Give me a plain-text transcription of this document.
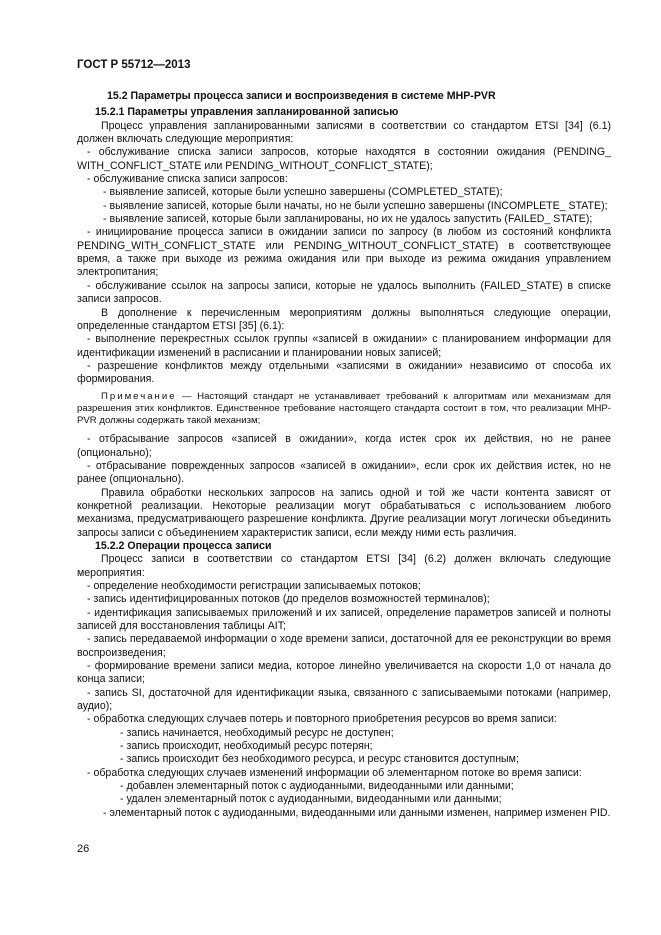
ГОСТ Р 55712—2013

15.2 Параметры процесса записи и воспроизведения в системе МНР-PVR

15.2.1 Параметры управления запланированной записью

Процесс управления запланированными записями в соответствии со стандартом ETSI [34] (6.1) должен включать следующие мероприятия:

- обслуживание списка записи запросов, которые находятся в состоянии ожидания (PENDING_ WITH_CONFLICT_STATE или PENDING_WITHOUT_CONFLICT_STATE);

- обслуживание списка записи запросов:

- выявление записей, которые были успешно завершены (COMPLETED_STATE);

- выявление записей, которые были начаты, но не были успешно завершены (INCOMPLETE_ STATE);

- выявление записей, которые были запланированы, но их не удалось запустить (FAILED_ STATE);

- инициирование процесса записи в ожидании записи по запросу (в любом из состояний конфликта PENDING_WITH_CONFLICT_STATE или PENDING_WITHOUT_CONFLICT_STATE) в соответствующее время, а также при выходе из режима ожидания или при выходе из режима ожидания управлением электропитания;

- обслуживание ссылок на запросы записи, которые не удалось выполнить (FAILED_STATE) в списке записи запросов.

В дополнение к перечисленным мероприятиям должны выполняться следующие операции, определенные стандартом ETSI [35] (6.1):

- выполнение перекрестных ссылок группы «записей в ожидании» с планированием информации для идентификации изменений в расписании и планировании новых записей;

- разрешение конфликтов между отдельными «записями в ожидании» независимо от способа их формирования.

Примечание — Настоящий стандарт не устанавливает требований к алгоритмам или механизмам для разрешения этих конфликтов. Единственное требование настоящего стандарта состоит в том, что реализации МНР-PVR должны содержать такой механизм;

- отбрасывание запросов «записей в ожидании», когда истек срок их действия, но не ранее (опционально);

- отбрасывание поврежденных запросов «записей в ожидании», если срок их действия истек, но не ранее (опционально).

Правила обработки нескольких запросов на запись одной и той же части контента зависят от конкретной реализации. Некоторые реализации могут обрабатываться с использованием любого механизма, предусматривающего разрешение конфликта. Другие реализации могут логически объединить запросы записи с объединением характеристик записи, если между ними есть различия.

15.2.2 Операции процесса записи

Процесс записи в соответствии со стандартом ETSI [34] (6.2) должен включать следующие мероприятия:

- определение необходимости регистрации записываемых потоков;

- запись идентифицированных потоков (до пределов возможностей терминалов);

- идентификация записываемых приложений и их записей, определение параметров записей и полноты записей для восстановления таблицы AIT;

- запись передаваемой информации о ходе времени записи, достаточной для ее реконструкции во время воспроизведения;

- формирование времени записи медиа, которое линейно увеличивается на скорости 1,0 от начала до конца записи;

- запись SI, достаточной для идентификации языка, связанного с записываемыми потоками (например, аудио);

- обработка следующих случаев потерь и повторного приобретения ресурсов во время записи:

- запись начинается, необходимый ресурс не доступен;

- запись происходит, необходимый ресурс потерян;

- запись происходит без необходимого ресурса, и ресурс становится доступным;

- обработка следующих случаев изменений информации об элементарном потоке во время записи:

- добавлен элементарный поток с аудиоданными, видеоданными или данными;

- удален элементарный поток с аудиоданными, видеоданными или данными;

- элементарный поток с аудиоданными, видеоданными или данными изменен, например изменен PID.

26
